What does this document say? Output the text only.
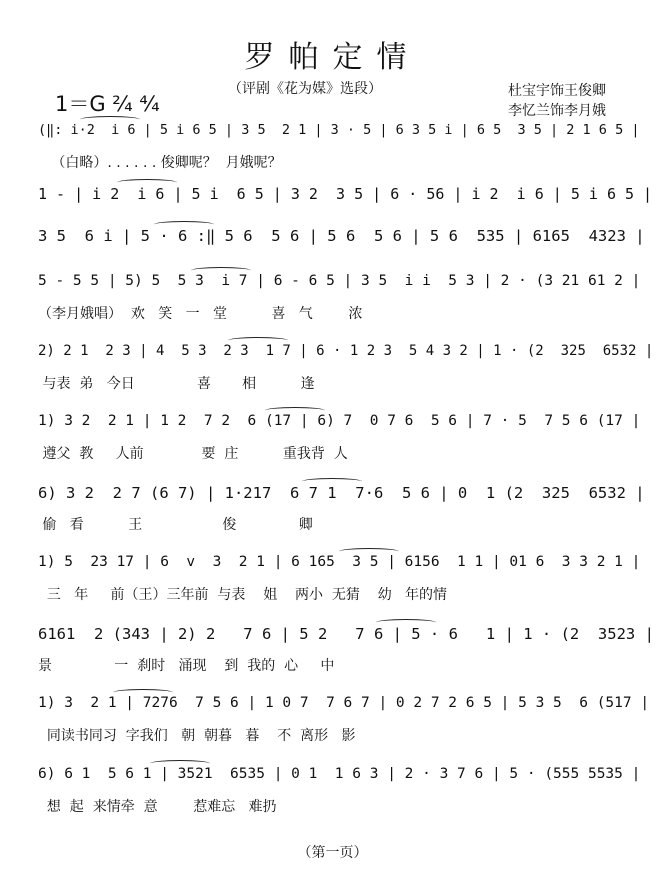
罗帕定情
（评剧《花为媒》选段）
1＝G ²⁄₄ ⁴⁄₄
杜宝宇饰王俊卿
李忆兰饰李月娥
(‖: i·2  i 6 | 5 i 6 5 | 3 5  2 1 | 3 · 5 | 6 3 5 i | 6 5  3 5 | 2 1 6 5 |
（白略）. . . . . . 俊卿呢？  月娥呢？
1 - | i 2  i 6 | 5 i  6 5 | 3 2  3 5 | 6 · 56 | i 2  i 6 | 5 i 6 5 |
3 5  6 i | 5 · 6 :‖ 5 6  5 6 | 5 6  5 6 | 5 6  535 | 6165  4323 |
5 - 5 5 | 5) 5  5 3  i 7 | 6 - 6 5 | 3 5  i i  5 3 | 2 · (3 21 61 2 |
（李月娥唱）  欢   笑   一   堂          喜   气        浓
2) 2 1  2 3 | 4  5 3  2 3  1 7 | 6 · 1 2 3  5 4 3 2 | 1 · (2  325  6532 |
与表  弟   今日              喜       相          逢
1) 3 2  2 1 | 1 2  7 2  6 (17 | 6) 7  0 7 6  5 6 | 7 · 5  7 5 6 (17 |
遵父  教     人前             要  庄          重我背  人
6) 3 2  2 7 (6 7) | 1·217  6 7 1  7·6  5 6 | 0  1 (2  325  6532 |
偷   看          王                  俊              卿
1) 5  23 17 | 6  v  3  2 1 | 6 165  3 5 | 6156  1 1 | 01 6  3 3 2 1 |
三   年     前（王）三年前  与表    姐    两小  无猜    幼   年的情
6161  2 (343 | 2) 2   7 6 | 5 2   7 6 | 5 · 6   1 | 1 · (2  3523 |
景              一  刹时   涌现    到  我的  心     中
1) 3  2 1 | 7276  7 5 6 | 1 0 7  7 6 7 | 0 2 7 2 6 5 | 5 3 5  6 (517 |
同读书同习  字我们   朝  朝暮   暮    不  离形   影
6) 6 1  5 6 1 | 3521  6535 | 0 1  1 6 3 | 2 · 3 7 6 | 5 · (555 5535 |
想  起  来情牵  意        惹难忘   难扔
（第一页）
